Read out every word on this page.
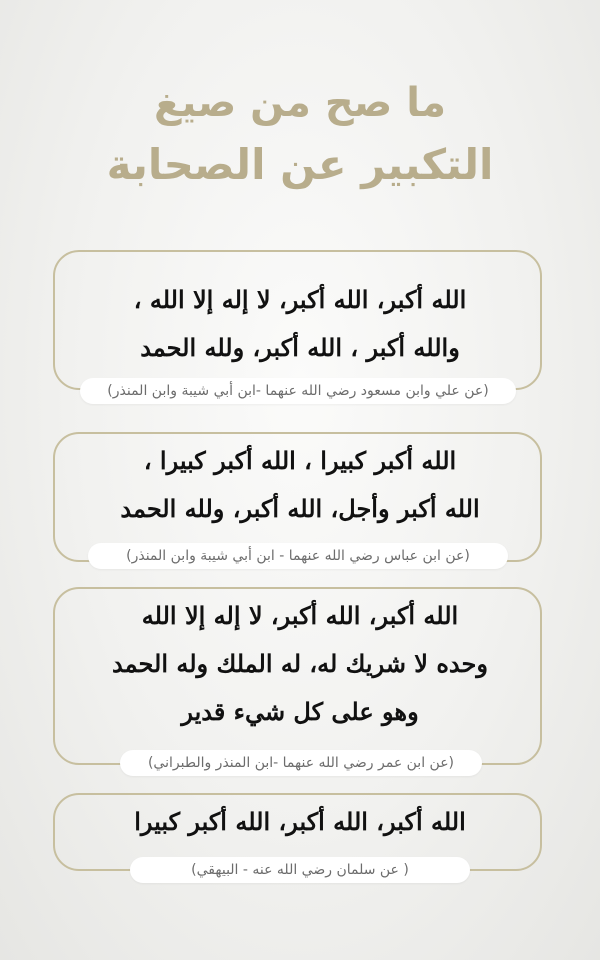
ما صح من صيغ
التكبير عن الصحابة
الله أكبر، الله أكبر، لا إله إلا الله ،
والله أكبر ، الله أكبر، ولله الحمد
(عن علي وابن مسعود رضي الله عنهما -ابن أبي شيبة وابن المنذر)
الله أكبر كبيرا ، الله أكبر كبيرا ،
الله أكبر وأجل، الله أكبر، ولله الحمد
(عن ابن عباس رضي الله عنهما - ابن أبي شيبة وابن المنذر)
الله أكبر، الله أكبر، لا إله إلا الله
وحده لا شريك له، له الملك وله الحمد
وهو على كل شيء قدير
(عن ابن عمر رضي الله عنهما -ابن المنذر والطبراني)
الله أكبر، الله أكبر، الله أكبر كبيرا
( عن سلمان رضي الله عنه - البيهقي)
